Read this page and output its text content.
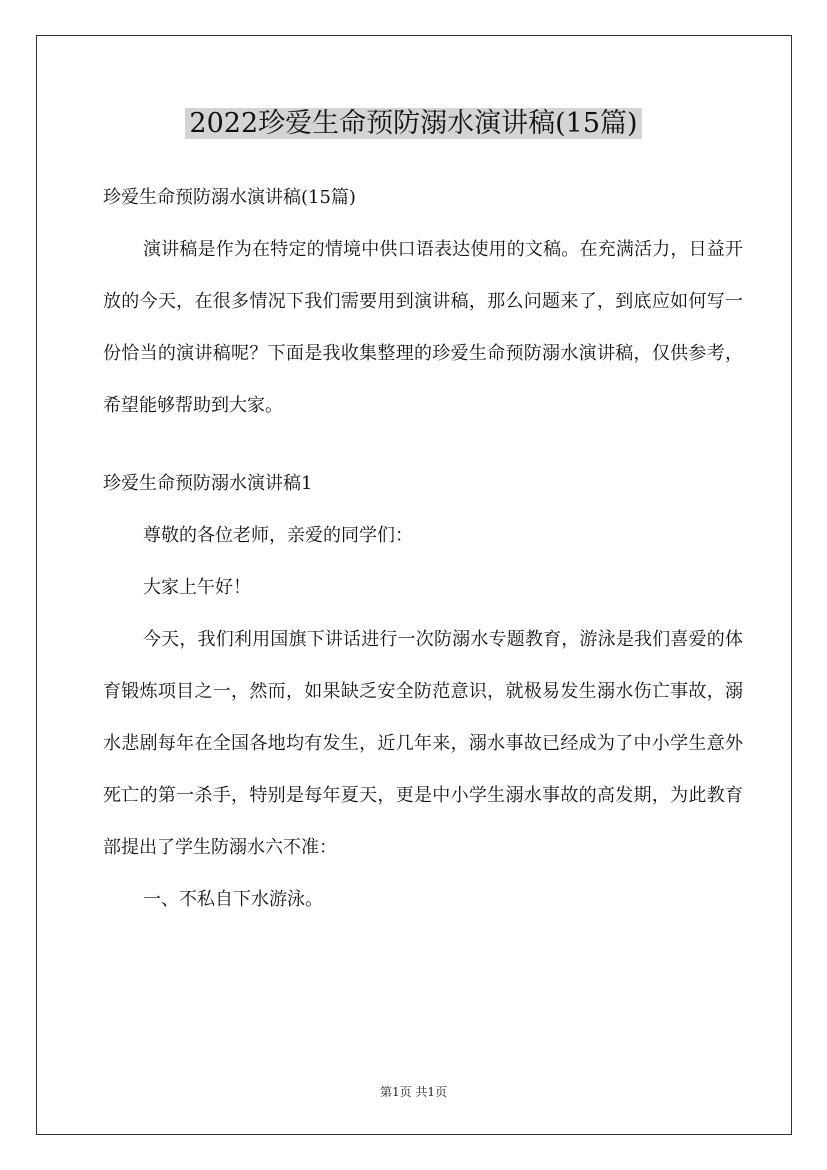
2022珍爱生命预防溺水演讲稿(15篇)

珍爱生命预防溺水演讲稿(15篇)

演讲稿是作为在特定的情境中供口语表达使用的文稿。在充满活力，日益开放的今天，在很多情况下我们需要用到演讲稿，那么问题来了，到底应如何写一份恰当的演讲稿呢？下面是我收集整理的珍爱生命预防溺水演讲稿，仅供参考，希望能够帮助到大家。

珍爱生命预防溺水演讲稿1

尊敬的各位老师，亲爱的同学们：

大家上午好！

今天，我们利用国旗下讲话进行一次防溺水专题教育，游泳是我们喜爱的体育锻炼项目之一，然而，如果缺乏安全防范意识，就极易发生溺水伤亡事故，溺水悲剧每年在全国各地均有发生，近几年来，溺水事故已经成为了中小学生意外死亡的第一杀手，特别是每年夏天，更是中小学生溺水事故的高发期，为此教育部提出了学生防溺水六不准：

一、不私自下水游泳。

第1页 共1页
